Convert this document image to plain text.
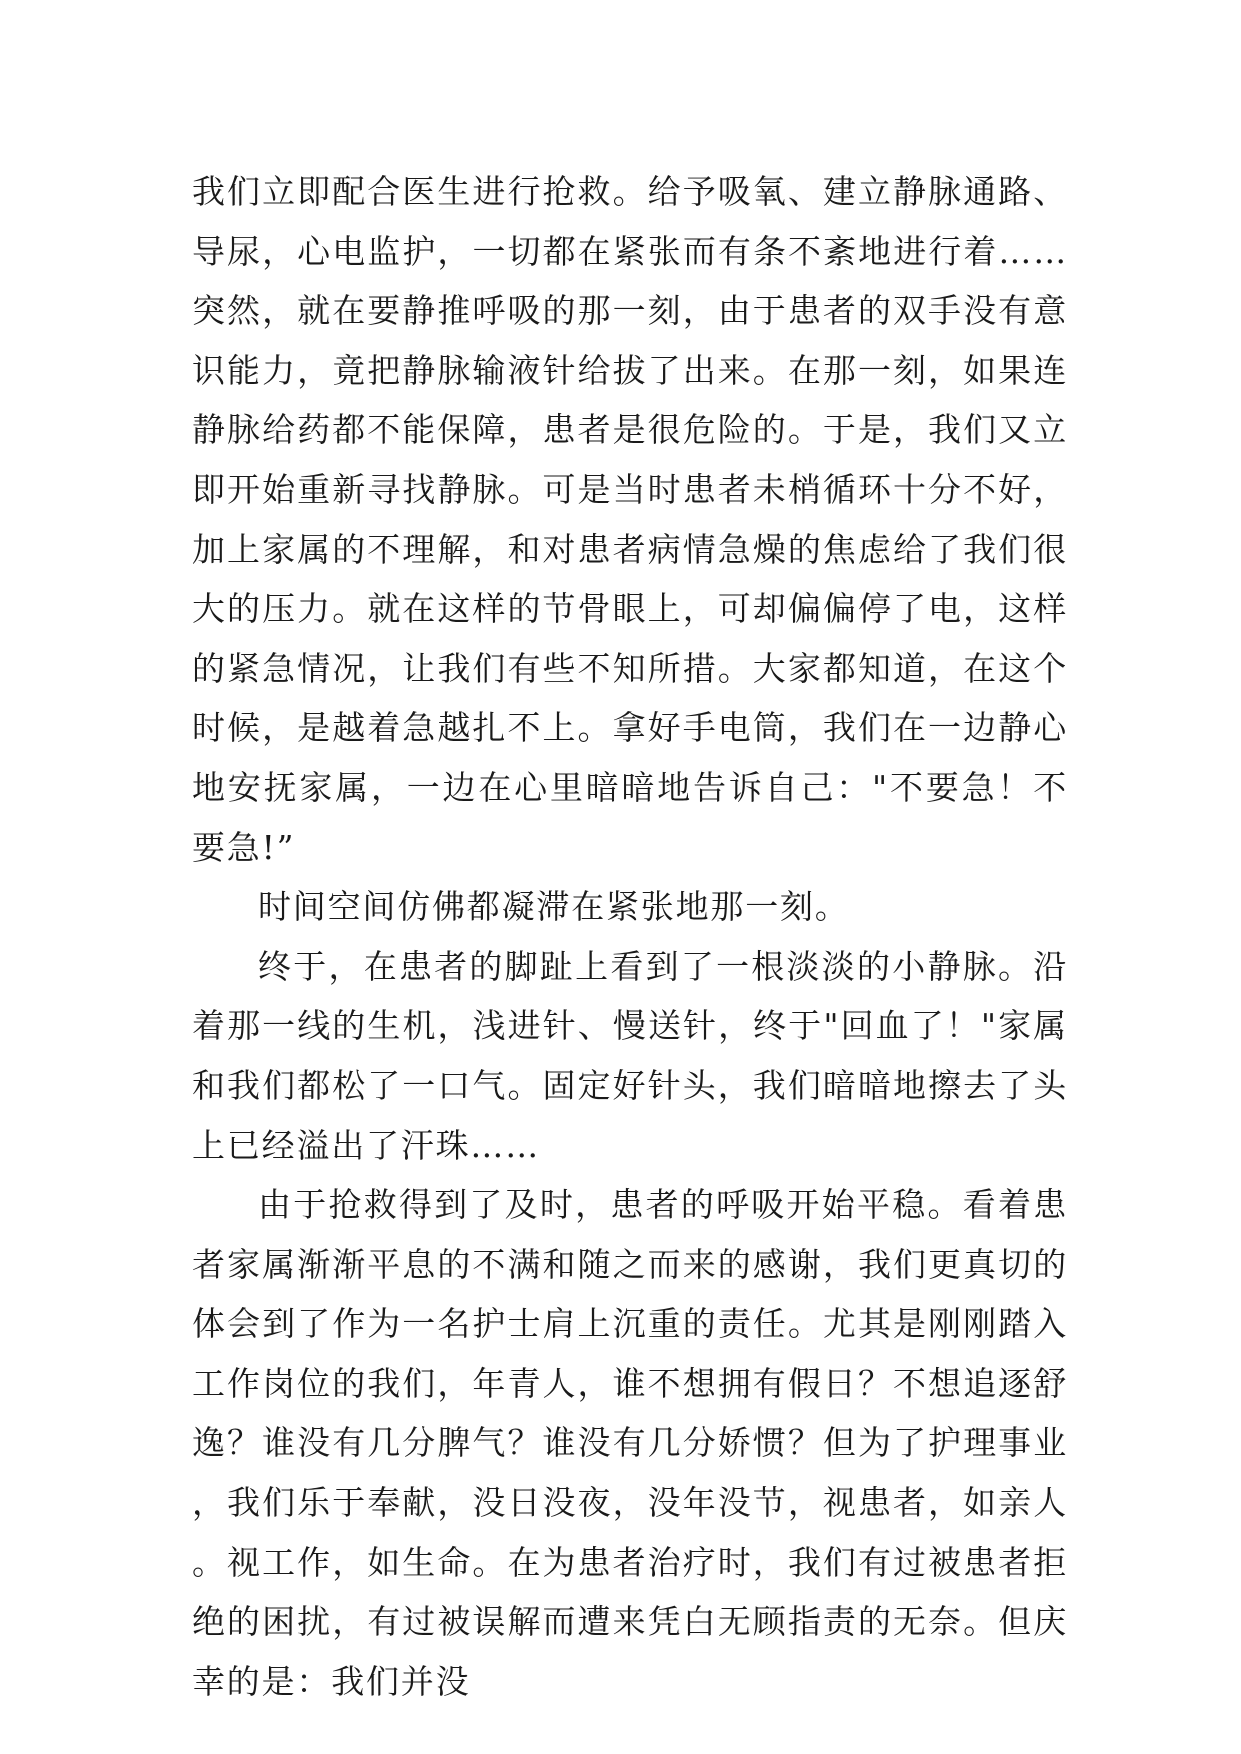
我们立即配合医生进行抢救。给予吸氧、建立静脉通路、导尿，心电监护，一切都在紧张而有条不紊地进行着……突然，就在要静推呼吸的那一刻，由于患者的双手没有意识能力，竟把静脉输液针给拔了出来。在那一刻，如果连静脉给药都不能保障，患者是很危险的。于是，我们又立即开始重新寻找静脉。可是当时患者未梢循环十分不好，加上家属的不理解，和对患者病情急燥的焦虑给了我们很大的压力。就在这样的节骨眼上，可却偏偏停了电，这样的紧急情况，让我们有些不知所措。大家都知道，在这个时候，是越着急越扎不上。拿好手电筒，我们在一边静心地安抚家属，一边在心里暗暗地告诉自己："不要急！不要急!”

时间空间仿佛都凝滞在紧张地那一刻。

终于，在患者的脚趾上看到了一根淡淡的小静脉。沿着那一线的生机，浅进针、慢送针，终于"回血了！"家属和我们都松了一口气。固定好针头，我们暗暗地擦去了头上已经溢出了汗珠……

由于抢救得到了及时，患者的呼吸开始平稳。看着患者家属渐渐平息的不满和随之而来的感谢，我们更真切的体会到了作为一名护士肩上沉重的责任。尤其是刚刚踏入工作岗位的我们，年青人，谁不想拥有假日？不想追逐舒逸？谁没有几分脾气？谁没有几分娇惯？但为了护理事业，我们乐于奉献，没日没夜，没年没节，视患者，如亲人。视工作，如生命。在为患者治疗时，我们有过被患者拒绝的困扰，有过被误解而遭来凭白无顾指责的无奈。但庆幸的是：我们并没
